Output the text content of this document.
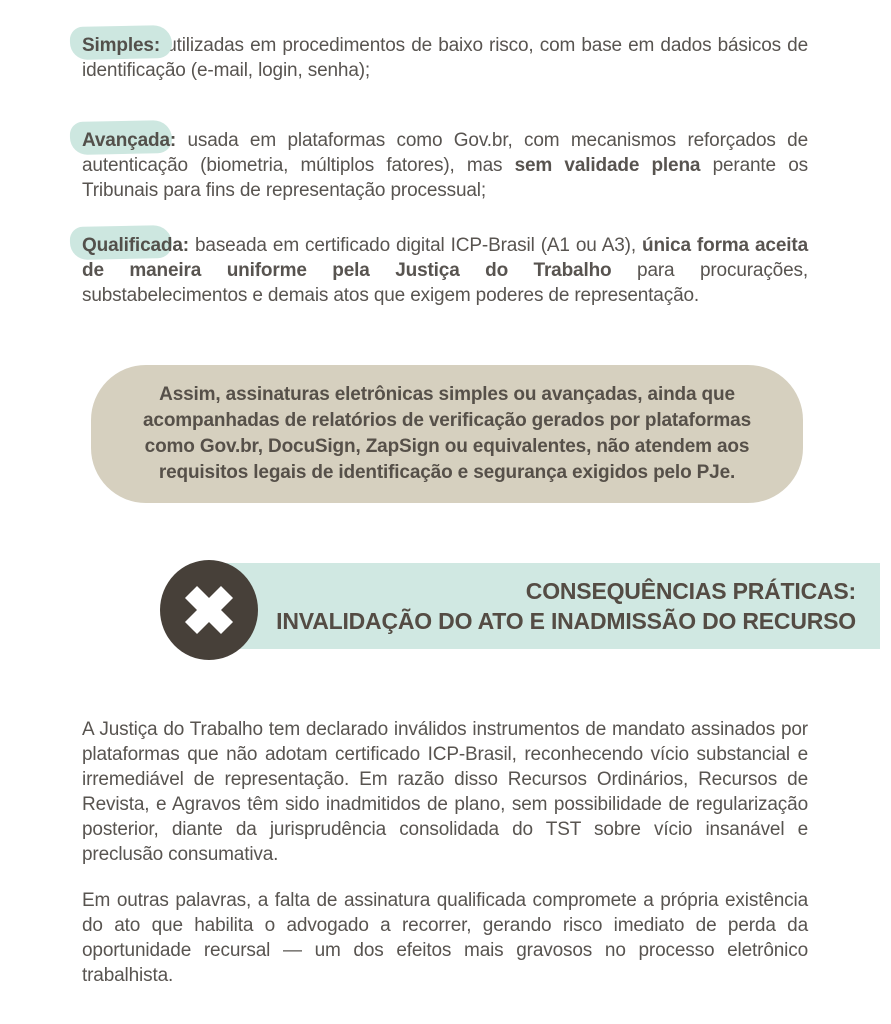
Simples: utilizadas em procedimentos de baixo risco, com base em dados básicos de identificação (e-mail, login, senha);

Avançada: usada em plataformas como Gov.br, com mecanismos reforçados de autenticação (biometria, múltiplos fatores), mas sem validade plena perante os Tribunais para fins de representação processual;

Qualificada: baseada em certificado digital ICP-Brasil (A1 ou A3), única forma aceita de maneira uniforme pela Justiça do Trabalho para procurações, substabelecimentos e demais atos que exigem poderes de representação.

Assim, assinaturas eletrônicas simples ou avançadas, ainda que acompanhadas de relatórios de verificação gerados por plataformas como Gov.br, DocuSign, ZapSign ou equivalentes, não atendem aos requisitos legais de identificação e segurança exigidos pelo PJe.
CONSEQUÊNCIAS PRÁTICAS:
INVALIDAÇÃO DO ATO E INADMISSÃO DO RECURSO

A Justiça do Trabalho tem declarado inválidos instrumentos de mandato assinados por plataformas que não adotam certificado ICP-Brasil, reconhecendo vício substancial e irremediável de representação. Em razão disso Recursos Ordinários, Recursos de Revista, e Agravos têm sido inadmitidos de plano, sem possibilidade de regularização posterior, diante da jurisprudência consolidada do TST sobre vício insanável e preclusão consumativa.

Em outras palavras, a falta de assinatura qualificada compromete a própria existência do ato que habilita o advogado a recorrer, gerando risco imediato de perda da oportunidade recursal — um dos efeitos mais gravosos no processo eletrônico trabalhista.
